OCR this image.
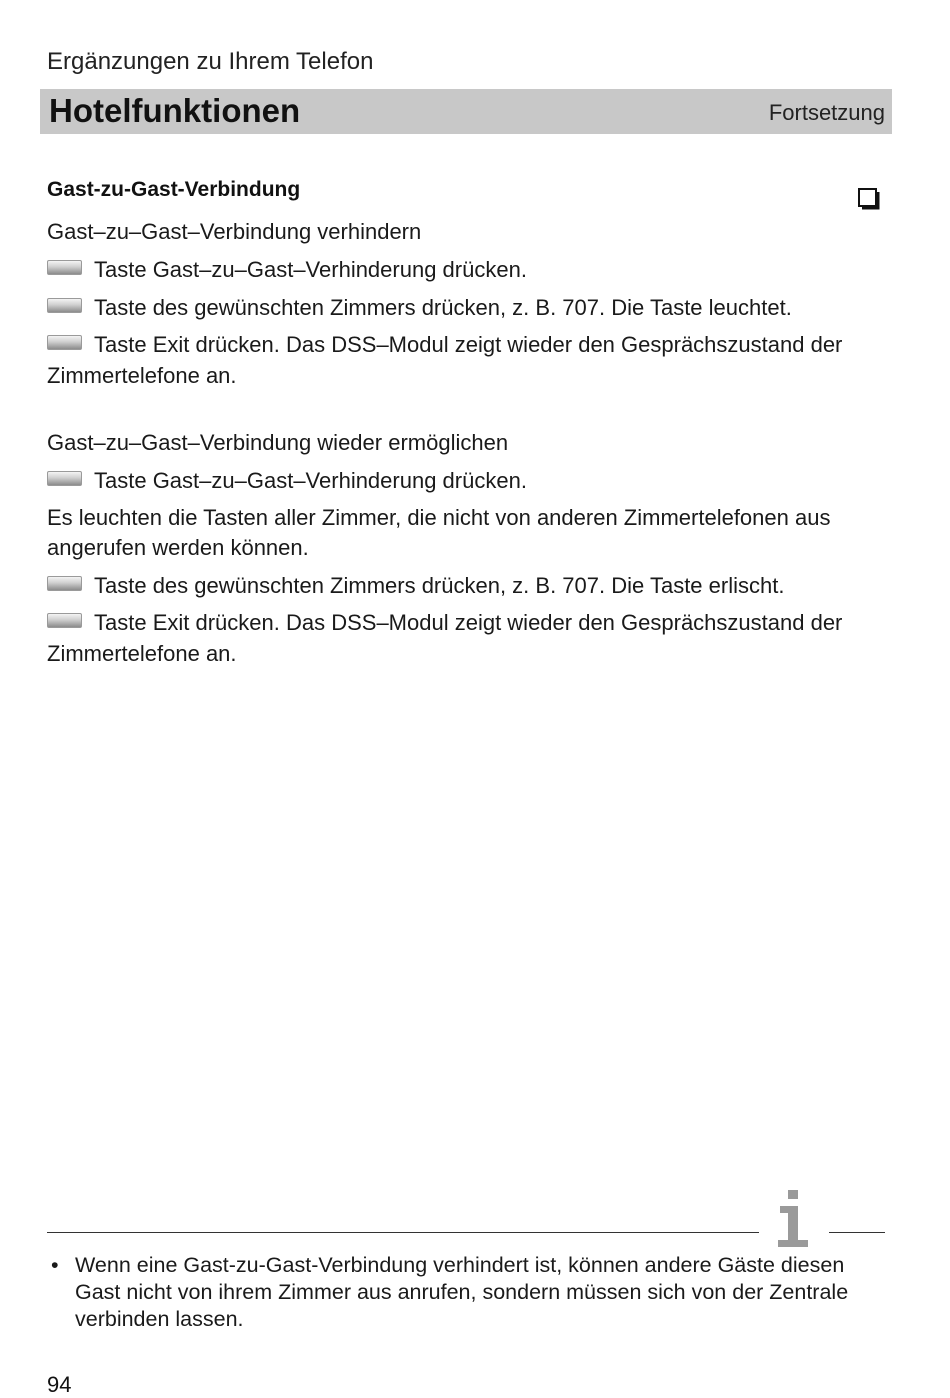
Ergänzungen zu Ihrem Telefon
Hotelfunktionen	Fortsetzung
Gast-zu-Gast-Verbindung
Gast–zu–Gast–Verbindung verhindern
Taste Gast–zu–Gast–Verhinderung drücken.
Taste des gewünschten Zimmers drücken, z. B. 707. Die Taste leuchtet.
Taste Exit drücken. Das DSS–Modul zeigt wieder den Gesprächszustand der
Zimmertelefone an.
Gast–zu–Gast–Verbindung wieder ermöglichen
Taste Gast–zu–Gast–Verhinderung drücken.
Es leuchten die Tasten aller Zimmer, die nicht von anderen Zimmertelefonen aus
angerufen werden können.
Taste des gewünschten Zimmers drücken, z. B. 707. Die Taste erlischt.
Taste Exit drücken. Das DSS–Modul zeigt wieder den Gesprächszustand der
Zimmertelefone an.
• Wenn eine Gast-zu-Gast-Verbindung verhindert ist, können andere Gäste diesen Gast nicht von ihrem Zimmer aus anrufen, sondern müssen sich von der Zentrale verbinden lassen.
94
